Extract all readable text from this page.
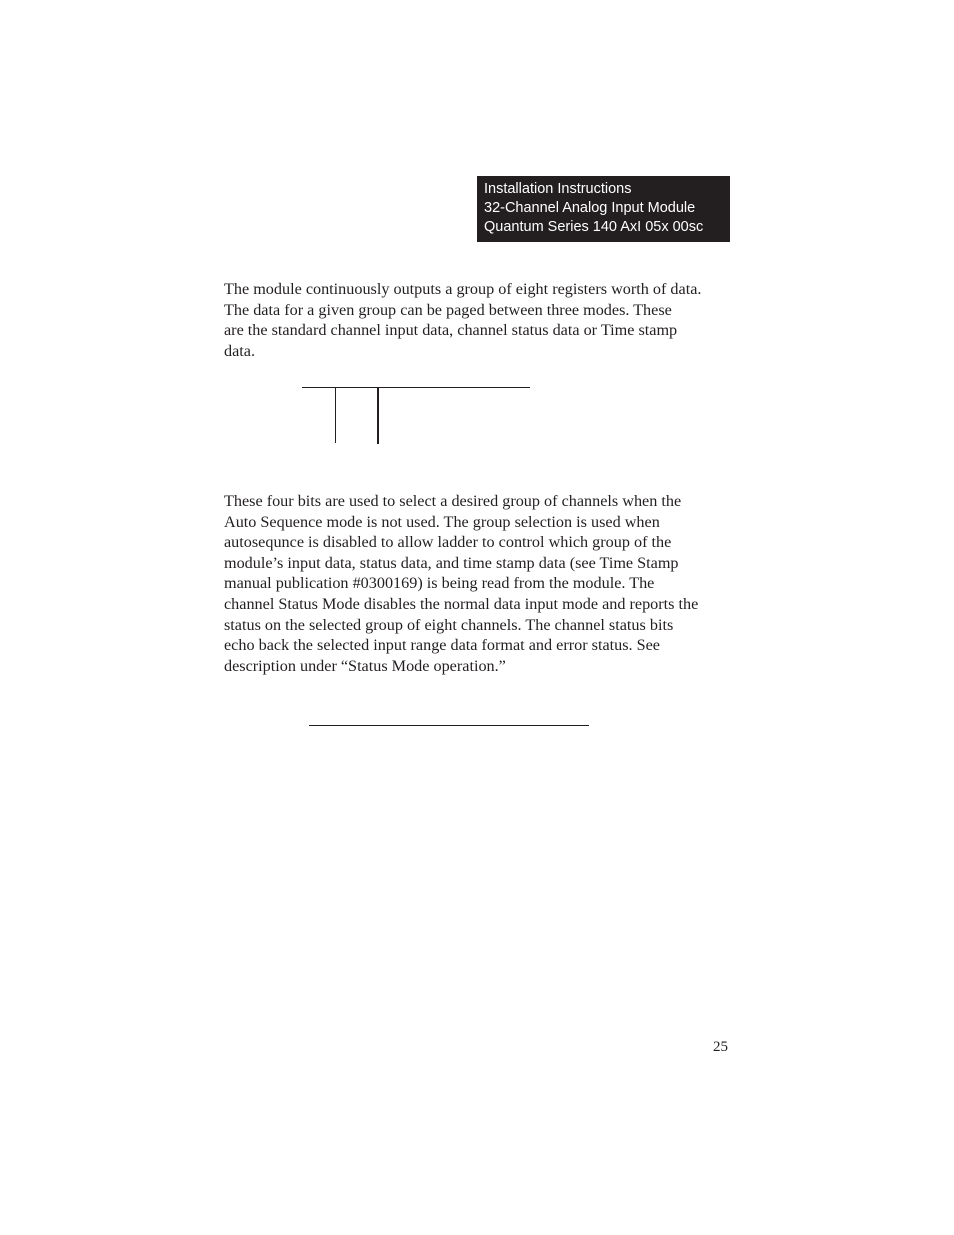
Installation Instructions
32-Channel Analog Input Module
Quantum Series 140 AxI 05x 00sc
The module continuously outputs a group of eight registers worth of data.
The data for a given group can be paged between three modes. These
are the standard channel input data, channel status data or Time stamp
data.
These four bits are used to select a desired group of channels when the
Auto Sequence mode is not used. The group selection is used when
autosequnce is disabled to allow ladder to control which group of the
module’s input data, status data, and time stamp data (see Time Stamp
manual publication #0300169) is being read from the module. The
channel Status Mode disables the normal data input mode and reports the
status on the selected group of eight channels. The channel status bits
echo back the selected input range data format and error status. See
description under “Status Mode operation.”
25
